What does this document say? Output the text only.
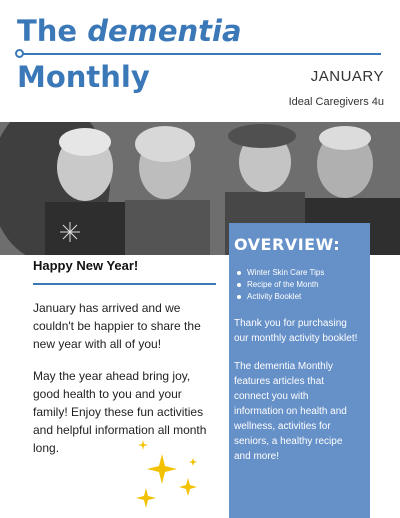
The dementia
Monthly	JANUARY
Ideal Caregivers 4u
OVERVIEW:
Winter Skin Care Tips
Recipe of the Month
Activity Booklet

Thank you for purchasing our monthly activity booklet!

The dementia Monthly features articles that connect you with information on health and wellness, activities for seniors, a healthy recipe and more!

Happy New Year!

January has arrived and we couldn't be happier to share the new year with all of you!

May the year ahead bring joy, good health to you and your family! Enjoy these fun activities and helpful information all month long.
